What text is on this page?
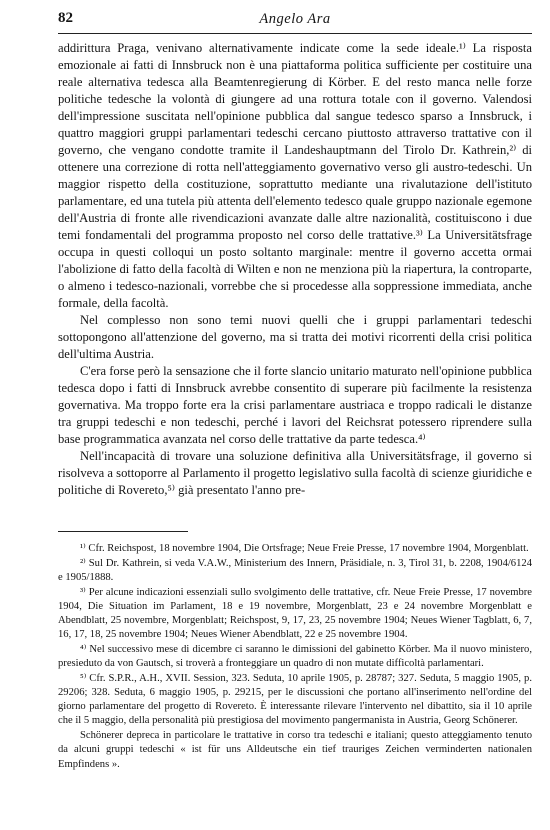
82	Angelo Ara

addirittura Praga, venivano alternativamente indicate come la sede ideale.¹⁾ La risposta emozionale ai fatti di Innsbruck non è una piattaforma politica sufficiente per costituire una reale alternativa tedesca alla Beamtenregierung di Körber. E del resto manca nelle forze politiche tedesche la volontà di giungere ad una rottura totale con il governo. Valendosi dell'impressione suscitata nell'opinione pubblica dal sangue tedesco sparso a Innsbruck, i quattro maggiori gruppi parlamentari tedeschi cercano piuttosto attraverso trattative con il governo, che vengano condotte tramite il Landeshauptmann del Tirolo Dr. Kathrein,²⁾ di ottenere una correzione di rotta nell'atteggiamento governativo verso gli austro-tedeschi. Un maggior rispetto della costituzione, soprattutto mediante una rivalutazione dell'istituto parlamentare, ed una tutela più attenta dell'elemento tedesco quale gruppo nazionale egemone dell'Austria di fronte alle rivendicazioni avanzate dalle altre nazionalità, costituiscono i due temi fondamentali del programma proposto nel corso delle trattative.³⁾ La Universitätsfrage occupa in questi colloqui un posto soltanto marginale: mentre il governo accetta ormai l'abolizione di fatto della facoltà di Wilten e non ne menziona più la riapertura, la controparte, o almeno i tedesco-nazionali, vorrebbe che si procedesse alla soppressione immediata, anche formale, della facoltà.

Nel complesso non sono temi nuovi quelli che i gruppi parlamentari tedeschi sottopongono all'attenzione del governo, ma si tratta dei motivi ricorrenti della crisi politica dell'ultima Austria.

C'era forse però la sensazione che il forte slancio unitario maturato nell'opinione pubblica tedesca dopo i fatti di Innsbruck avrebbe consentito di superare più facilmente la resistenza governativa. Ma troppo forte era la crisi parlamentare austriaca e troppo radicali le distanze tra gruppi tedeschi e non tedeschi, perché i lavori del Reichsrat potessero riprendere sulla base programmatica avanzata nel corso delle trattative da parte tedesca.⁴⁾

Nell'incapacità di trovare una soluzione definitiva alla Universitätsfrage, il governo si risolveva a sottoporre al Parlamento il progetto legislativo sulla facoltà di scienze giuridiche e politiche di Rovereto,⁵⁾ già presentato l'anno pre-

¹⁾ Cfr. Reichspost, 18 novembre 1904, Die Ortsfrage; Neue Freie Presse, 17 novembre 1904, Morgenblatt.

²⁾ Sul Dr. Kathrein, si veda V.A.W., Ministerium des Innern, Präsidiale, n. 3, Tirol 31, b. 2208, 1904/6124 e 1905/1888.

³⁾ Per alcune indicazioni essenziali sullo svolgimento delle trattative, cfr. Neue Freie Presse, 17 novembre 1904, Die Situation im Parlament, 18 e 19 novembre, Morgenblatt, 23 e 24 novembre Morgenblatt e Abendblatt, 25 novembre, Morgenblatt; Reichspost, 9, 17, 23, 25 novembre 1904; Neues Wiener Tagblatt, 6, 7, 16, 17, 18, 25 novembre 1904; Neues Wiener Abendblatt, 22 e 25 novembre 1904.

⁴⁾ Nel successivo mese di dicembre ci saranno le dimissioni del gabinetto Körber. Ma il nuovo ministero, presieduto da von Gautsch, si troverà a fronteggiare un quadro di non mutate difficoltà parlamentari.

⁵⁾ Cfr. S.P.R., A.H., XVII. Session, 323. Seduta, 10 aprile 1905, p. 28787; 327. Seduta, 5 maggio 1905, p. 29206; 328. Seduta, 6 maggio 1905, p. 29215, per le discussioni che portano all'inserimento nell'ordine del giorno parlamentare del progetto di Rovereto. È interessante rilevare l'intervento nel dibattito, sia il 10 aprile che il 5 maggio, della personalità più prestigiosa del movimento pangermanista in Austria, Georg Schönerer.

Schönerer depreca in particolare le trattative in corso tra tedeschi e italiani; questo atteggiamento tenuto da alcuni gruppi tedeschi « ist für uns Alldeutsche ein tief trauriges Zeichen verminderten nationalen Empfindens ».
